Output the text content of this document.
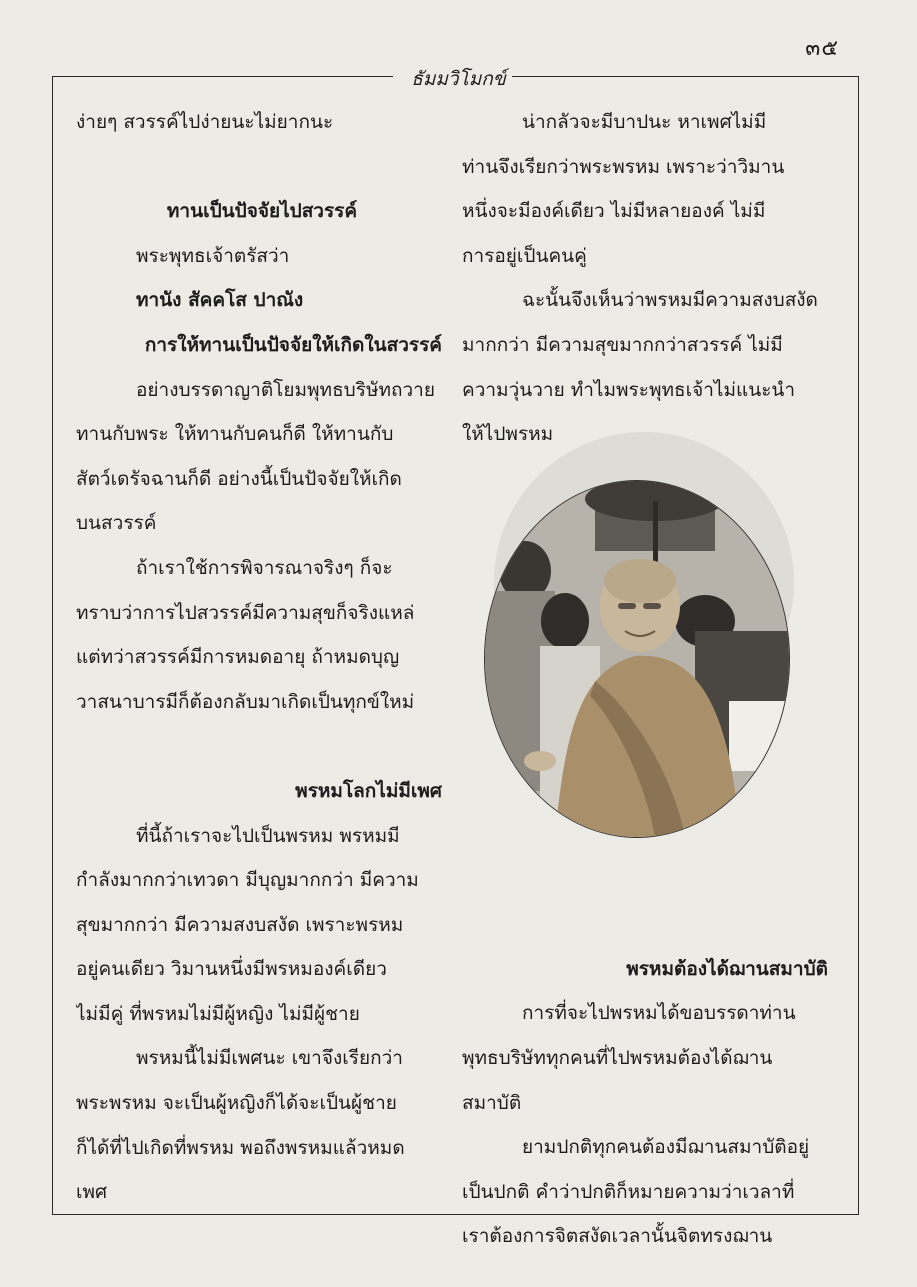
๓๕
ธัมมวิโมกข์
ง่ายๆ สวรรค์ไปง่ายนะไม่ยากนะ
ทานเป็นปัจจัยไปสวรรค์
พระพุทธเจ้าตรัสว่า
ทานัง สัคคโส ปาณัง
การให้ทานเป็นปัจจัยให้เกิดในสวรรค์
อย่างบรรดาญาติโยมพุทธบริษัทถวาย
ทานกับพระ ให้ทานกับคนก็ดี ให้ทานกับ
สัตว์เดรัจฉานก็ดี อย่างนี้เป็นปัจจัยให้เกิด
บนสวรรค์
ถ้าเราใช้การพิจารณาจริงๆ ก็จะ
ทราบว่าการไปสวรรค์มีความสุขก็จริงแหล่
แต่ทว่าสวรรค์มีการหมดอายุ ถ้าหมดบุญ
วาสนาบารมีก็ต้องกลับมาเกิดเป็นทุกข์ใหม่
พรหมโลกไม่มีเพศ
ที่นี้ถ้าเราจะไปเป็นพรหม พรหมมี
กำลังมากกว่าเทวดา มีบุญมากกว่า มีความ
สุขมากกว่า มีความสงบสงัด เพราะพรหม
อยู่คนเดียว วิมานหนึ่งมีพรหมองค์เดียว
ไม่มีคู่ ที่พรหมไม่มีผู้หญิง ไม่มีผู้ชาย
พรหมนี้ไม่มีเพศนะ เขาจึงเรียกว่า
พระพรหม จะเป็นผู้หญิงก็ได้จะเป็นผู้ชาย
ก็ได้ที่ไปเกิดที่พรหม พอถึงพรหมแล้วหมด
เพศ
น่ากลัวจะมีบาปนะ หาเพศไม่มี
ท่านจึงเรียกว่าพระพรหม เพราะว่าวิมาน
หนึ่งจะมีองค์เดียว ไม่มีหลายองค์ ไม่มี
การอยู่เป็นคนคู่
ฉะนั้นจึงเห็นว่าพรหมมีความสงบสงัด
มากกว่า มีความสุขมากกว่าสวรรค์ ไม่มี
ความวุ่นวาย ทำไมพระพุทธเจ้าไม่แนะนำ
ให้ไปพรหม
พรหมต้องได้ฌานสมาบัติ
การที่จะไปพรหมได้ขอบรรดาท่าน
พุทธบริษัททุกคนที่ไปพรหมต้องได้ฌาน
สมาบัติ
ยามปกติทุกคนต้องมีฌานสมาบัติอยู่
เป็นปกติ คำว่าปกติก็หมายความว่าเวลาที่
เราต้องการจิตสงัดเวลานั้นจิตทรงฌาน
